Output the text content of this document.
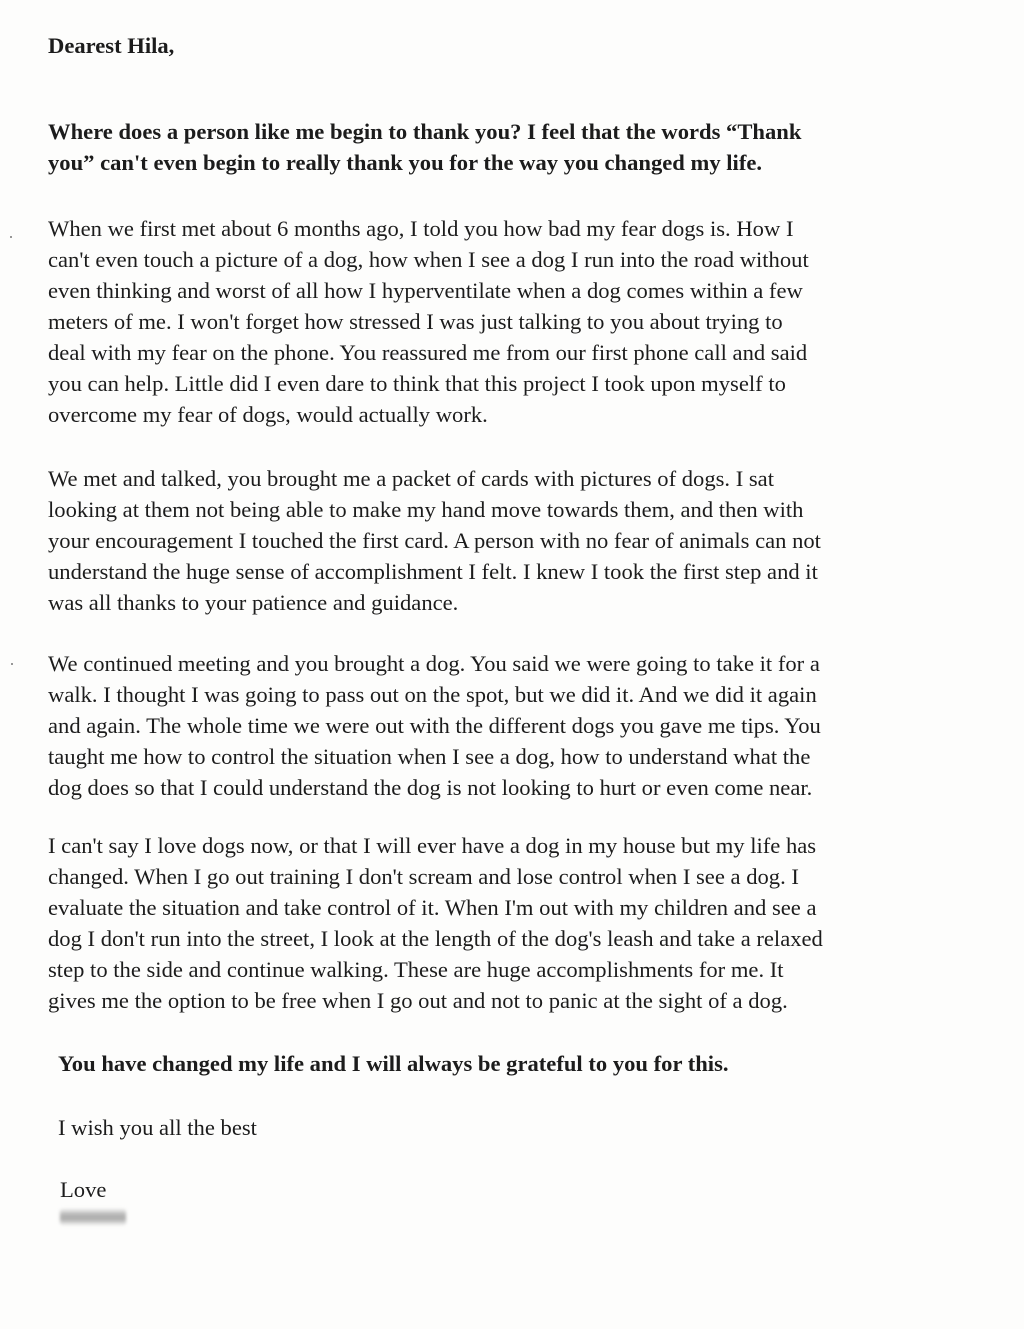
Dearest Hila,

Where does a person like me begin to thank you? I feel that the words “Thank
you” can't even begin to really thank you for the way you changed my life.

When we first met about 6 months ago, I told you how bad my fear dogs is. How I
can't even touch a picture of a dog, how when I see a dog I run into the road without
even thinking and worst of all how I hyperventilate when a dog comes within a few
meters of me. I won't forget how stressed I was just talking to you about trying to
deal with my fear on the phone. You reassured me from our first phone call and said
you can help. Little did I even dare to think that this project I took upon myself to
overcome my fear of dogs, would actually work.

We met and talked, you brought me a packet of cards with pictures of dogs. I sat
looking at them not being able to make my hand move towards them, and then with
your encouragement I touched the first card. A person with no fear of animals can not
understand the huge sense of accomplishment I felt. I knew I took the first step and it
was all thanks to your patience and guidance.

We continued meeting and you brought a dog. You said we were going to take it for a
walk. I thought I was going to pass out on the spot, but we did it. And we did it again
and again. The whole time we were out with the different dogs you gave me tips. You
taught me how to control the situation when I see a dog, how to understand what the
dog does so that I could understand the dog is not looking to hurt or even come near.

I can't say I love dogs now, or that I will ever have a dog in my house but my life has
changed. When I go out training I don't scream and lose control when I see a dog. I
evaluate the situation and take control of it. When I'm out with my children and see a
dog I don't run into the street, I look at the length of the dog's leash and take a relaxed
step to the side and continue walking. These are huge accomplishments for me. It
gives me the option to be free when I go out and not to panic at the sight of a dog.

You have changed my life and I will always be grateful to you for this.

I wish you all the best

Love
